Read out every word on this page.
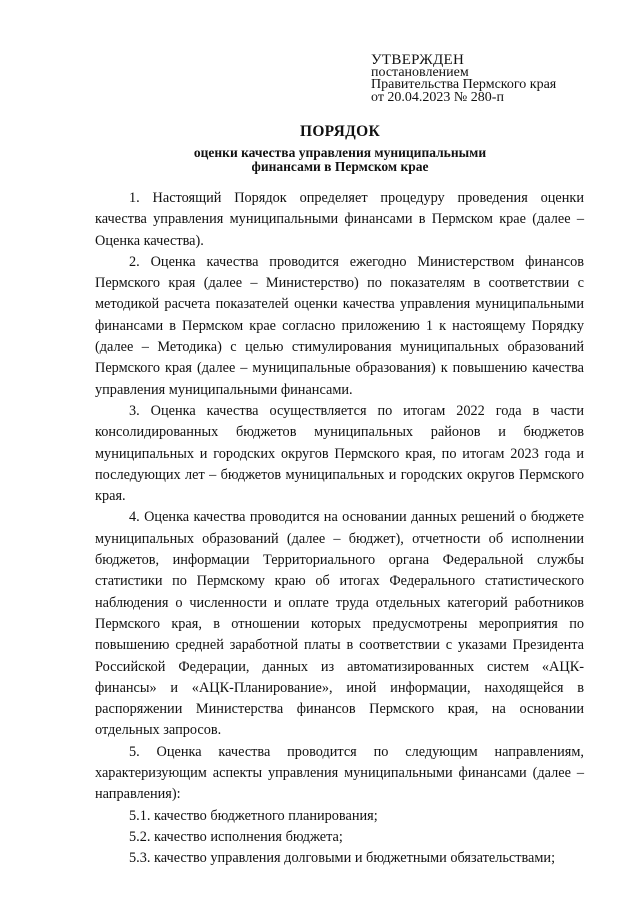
УТВЕРЖДЕН
постановлением
Правительства Пермского края
от 20.04.2023 № 280-п
ПОРЯДОК
оценки качества управления муниципальными
финансами в Пермском крае

1. Настоящий Порядок определяет процедуру проведения оценки качества управления муниципальными финансами в Пермском крае (далее – Оценка качества).

2. Оценка качества проводится ежегодно Министерством финансов Пермского края (далее – Министерство) по показателям в соответствии с методикой расчета показателей оценки качества управления муниципальными финансами в Пермском крае согласно приложению 1 к настоящему Порядку (далее – Методика) с целью стимулирования муниципальных образований Пермского края (далее – муниципальные образования) к повышению качества управления муниципальными финансами.

3. Оценка качества осуществляется по итогам 2022 года в части консолидированных бюджетов муниципальных районов и бюджетов муниципальных и городских округов Пермского края, по итогам 2023 года и последующих лет – бюджетов муниципальных и городских округов Пермского края.

4. Оценка качества проводится на основании данных решений о бюджете муниципальных образований (далее – бюджет), отчетности об исполнении бюджетов, информации Территориального органа Федеральной службы статистики по Пермскому краю об итогах Федерального статистического наблюдения о численности и оплате труда отдельных категорий работников Пермского края, в отношении которых предусмотрены мероприятия по повышению средней заработной платы в соответствии с указами Президента Российской Федерации, данных из автоматизированных систем «АЦК-финансы» и «АЦК-Планирование», иной информации, находящейся в распоряжении Министерства финансов Пермского края, на основании отдельных запросов.

5. Оценка качества проводится по следующим направлениям, характеризующим аспекты управления муниципальными финансами (далее – направления):

5.1. качество бюджетного планирования;

5.2. качество исполнения бюджета;

5.3. качество управления долговыми и бюджетными обязательствами;
